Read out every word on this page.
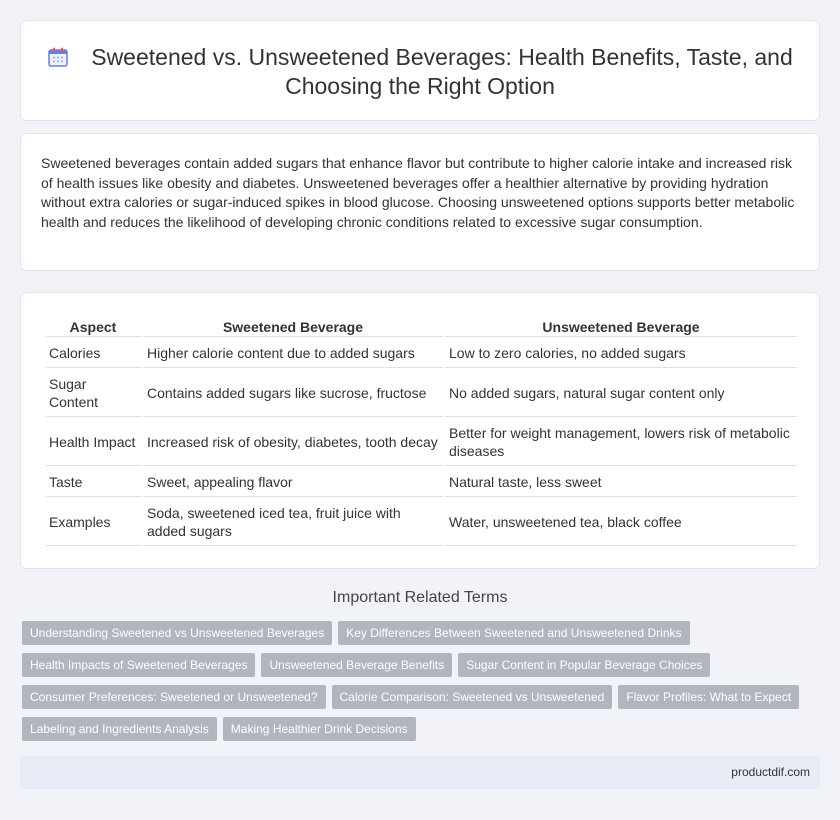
Sweetened vs. Unsweetened Beverages: Health Benefits, Taste, and Choosing the Right Option

Sweetened beverages contain added sugars that enhance flavor but contribute to higher calorie intake and increased risk of health issues like obesity and diabetes. Unsweetened beverages offer a healthier alternative by providing hydration without extra calories or sugar-induced spikes in blood glucose. Choosing unsweetened options supports better metabolic health and reduces the likelihood of developing chronic conditions related to excessive sugar consumption.

Aspect	Sweetened Beverage	Unsweetened Beverage
Calories	Higher calorie content due to added sugars	Low to zero calories, no added sugars
Sugar Content	Contains added sugars like sucrose, fructose	No added sugars, natural sugar content only
Health Impact	Increased risk of obesity, diabetes, tooth decay	Better for weight management, lowers risk of metabolic diseases
Taste	Sweet, appealing flavor	Natural taste, less sweet
Examples	Soda, sweetened iced tea, fruit juice with added sugars	Water, unsweetened tea, black coffee
Important Related Terms
Understanding Sweetened vs Unsweetened Beverages Key Differences Between Sweetened and Unsweetened Drinks
Health Impacts of Sweetened Beverages Unsweetened Beverage Benefits Sugar Content in Popular Beverage Choices
Consumer Preferences: Sweetened or Unsweetened? Calorie Comparison: Sweetened vs Unsweetened Flavor Profiles: What to Expect
Labeling and Ingredients Analysis Making Healthier Drink Decisions
productdif.com
